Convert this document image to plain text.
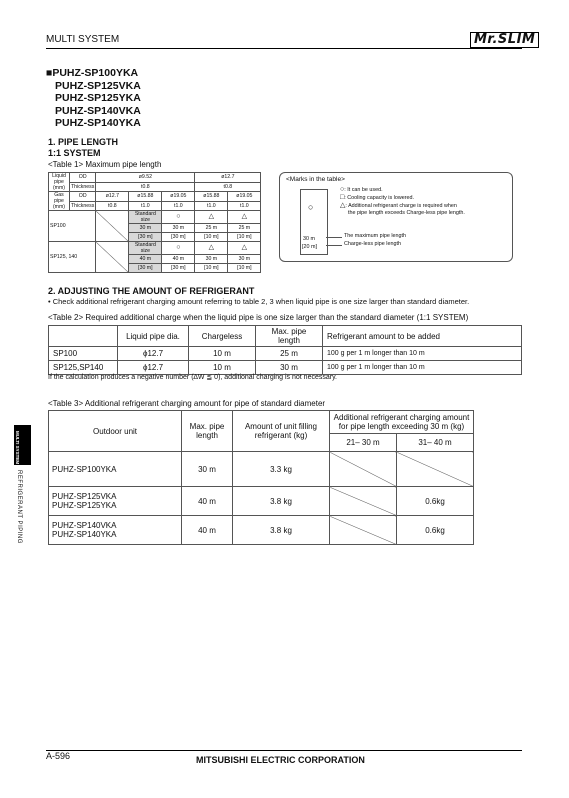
MULTI SYSTEM	Mr.SLIM
■PUHZ-SP100YKA
PUHZ-SP125VKA
PUHZ-SP125YKA
PUHZ-SP140VKA
PUHZ-SP140YKA
1. PIPE LENGTH
1:1 SYSTEM
<Table 1> Maximum pipe length
Liquid pipe (mm)	OD	ø9.52			ø12.7	
	Thickness	t0.8			t0.8	
Gas pipe (mm)	OD	ø12.7	ø15.88	ø19.05	ø15.88	ø19.05
	Thickness	t0.8	t1.0	t1.0	t1.0	t1.0
SP100			Standard size	○	△	△
			30 m	30 m	25 m	25 m
			[30 m]	[30 m]	[10 m]	[10 m]
SP125, 140			Standard size	○	△	△
			40 m	40 m	30 m	30 m
			[30 m]	[30 m]	[10 m]	[10 m]
<Marks in the table>
○
30 m
[20 m]
○: It can be used.
□: Cooling capacity is lowered.
△: Additional refrigerant charge is required when
the pipe length exceeds Charge-less pipe length.
The maximum pipe length
Charge-less pipe length
2. ADJUSTING THE AMOUNT OF REFRIGERANT
• Check additional refrigerant charging amount referring to table 2, 3 when liquid pipe is one size larger than standard diameter.
<Table 2> Required additional charge when the liquid pipe is one size larger than the standard diameter (1:1 SYSTEM)
	Liquid pipe dia.	Chargeless	Max. pipe length	Refrigerant amount to be added
SP100	ϕ12.7	10 m	25 m	100 g per 1 m longer than 10 m
SP125,SP140	ϕ12.7	10 m	30 m	100 g per 1 m longer than 10 m
If the calculation produces a negative number (∆W ≦ 0), additional charging is not necessary.
<Table 3> Additional refrigerant charging amount for pipe of standard diameter
Outdoor unit	Max. pipe length	Amount of unit filling refrigerant (kg)	Additional refrigerant charging amount for pipe length exceeding 30 m (kg)	
			21– 30 m	31– 40 m
PUHZ-SP100YKA	30 m	3.3 kg		

PUHZ-SP125VKA
PUHZ-SP125YKA	40 m	3.8 kg		0.6kg

PUHZ-SP140VKA
PUHZ-SP140YKA	40 m	3.8 kg		0.6kg
MULTI SYSTEM
REFRIGERANT PIPING
A-596	MITSUBISHI ELECTRIC CORPORATION
